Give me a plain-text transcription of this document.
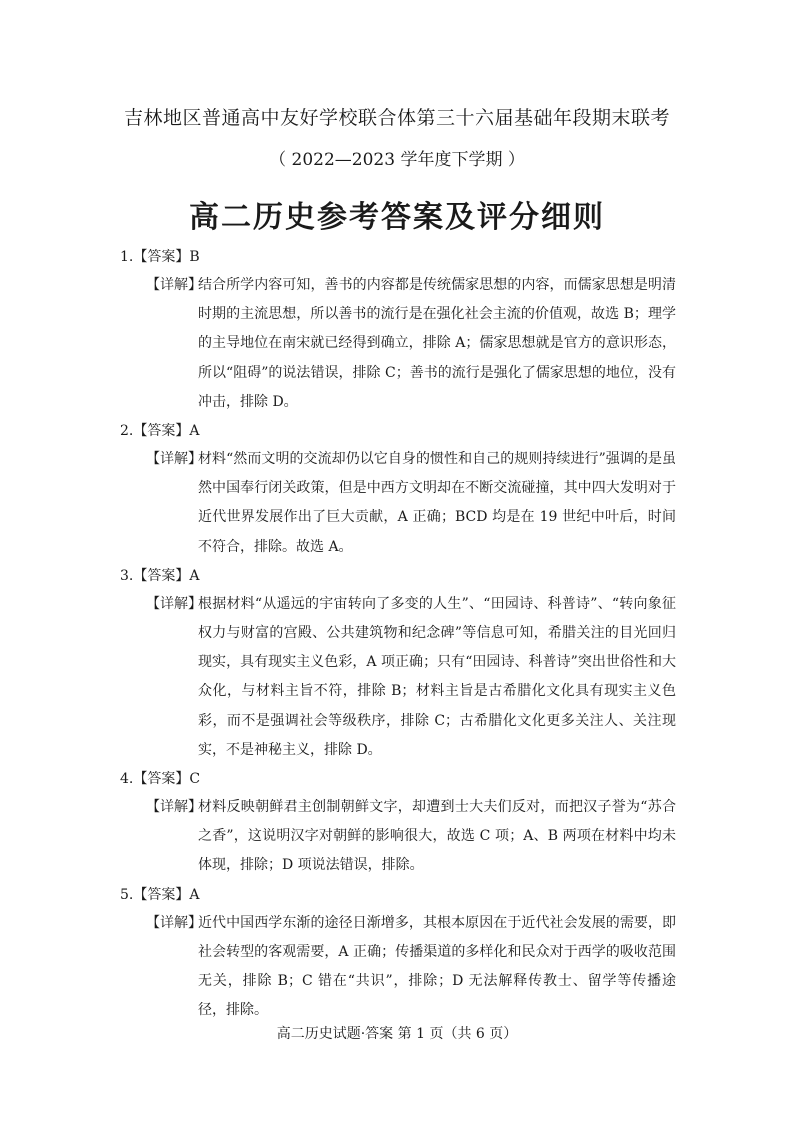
吉林地区普通高中友好学校联合体第三十六届基础年段期末联考
（ 2022—2023 学年度下学期 ）
高二历史参考答案及评分细则
1.【答案】B
【详解】
结合所学内容可知，善书的内容都是传统儒家思想的内容，而儒家思想是明清时期的主流思想，所以善书的流行是在强化社会主流的价值观，故选 B；理学的主导地位在南宋就已经得到确立，排除 A；儒家思想就是官方的意识形态，所以“阻碍”的说法错误，排除 C；善书的流行是强化了儒家思想的地位，没有冲击，排除 D。
2.【答案】A
【详解】
材料“然而文明的交流却仍以它自身的惯性和自己的规则持续进行”强调的是虽然中国奉行闭关政策，但是中西方文明却在不断交流碰撞，其中四大发明对于近代世界发展作出了巨大贡献，A 正确；BCD 均是在 19 世纪中叶后，时间不符合，排除。故选 A。
3.【答案】A
【详解】
根据材料“从遥远的宇宙转向了多变的人生”、“田园诗、科普诗”、“转向象征权力与财富的宫殿、公共建筑物和纪念碑”等信息可知，希腊关注的目光回归现实，具有现实主义色彩，A 项正确；只有“田园诗、科普诗”突出世俗性和大众化，与材料主旨不符，排除 B；材料主旨是古希腊化文化具有现实主义色彩，而不是强调社会等级秩序，排除 C；古希腊化文化更多关注人、关注现实，不是神秘主义，排除 D。
4.【答案】C
【详解】
材料反映朝鲜君主创制朝鲜文字，却遭到士大夫们反对，而把汉子誉为“苏合之香”，这说明汉字对朝鲜的影响很大，故选 C 项；A、B 两项在材料中均未体现，排除；D 项说法错误，排除。
5.【答案】A
【详解】
近代中国西学东渐的途径日渐增多，其根本原因在于近代社会发展的需要，即社会转型的客观需要，A 正确；传播渠道的多样化和民众对于西学的吸收范围无关，排除 B；C 错在“共识”，排除；D 无法解释传教士、留学等传播途径，排除。
高二历史试题·答案 第 1 页（共 6 页）
